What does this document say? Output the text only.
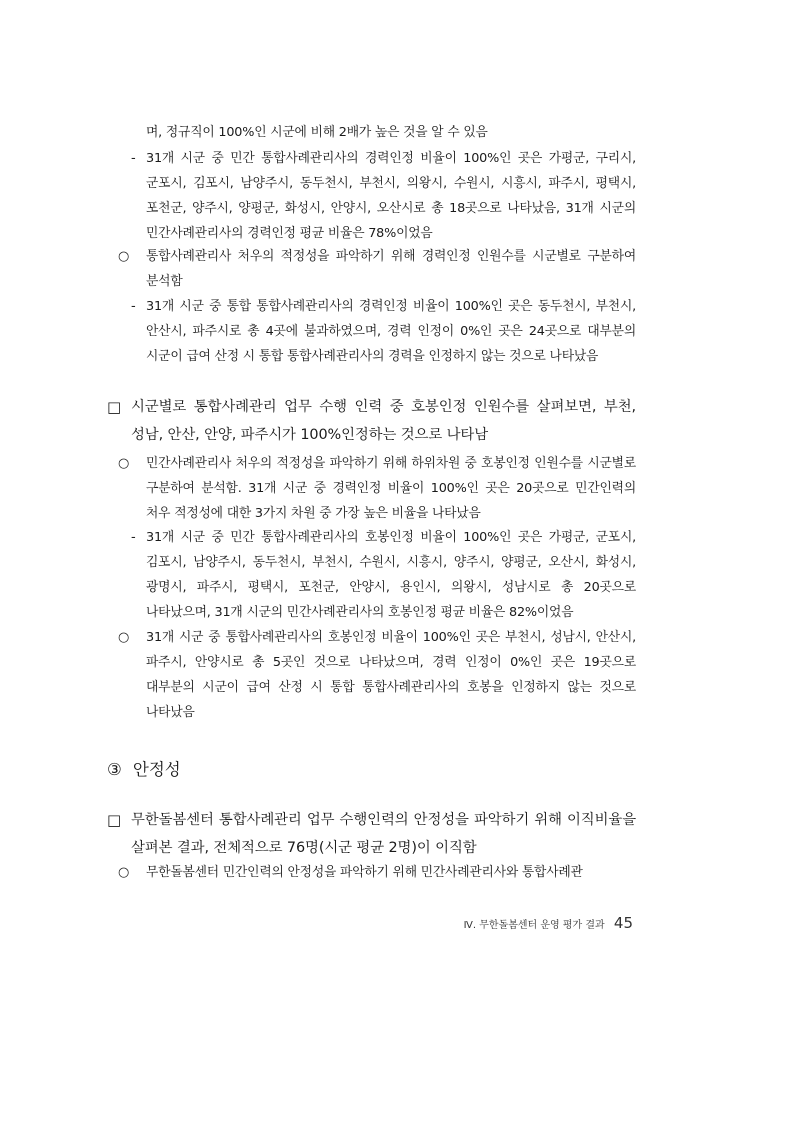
며, 정규직이 100%인 시군에 비해 2배가 높은 것을 알 수 있음
- 31개 시군 중 민간 통합사례관리사의 경력인정 비율이 100%인 곳은 가평군, 구리시, 군포시, 김포시, 남양주시, 동두천시, 부천시, 의왕시, 수원시, 시흥시, 파주시, 평택시, 포천군, 양주시, 양평군, 화성시, 안양시, 오산시로 총 18곳으로 나타났음, 31개 시군의 민간사례관리사의 경력인정 평균 비율은 78%이었음
○ 통합사례관리사 처우의 적정성을 파악하기 위해 경력인정 인원수를 시군별로 구분하여 분석함
- 31개 시군 중 통합 통합사례관리사의 경력인정 비율이 100%인 곳은 동두천시, 부천시, 안산시, 파주시로 총 4곳에 불과하였으며, 경력 인정이 0%인 곳은 24곳으로 대부분의 시군이 급여 산정 시 통합 통합사례관리사의 경력을 인정하지 않는 것으로 나타났음
□ 시군별로 통합사례관리 업무 수행 인력 중 호봉인정 인원수를 살펴보면, 부천, 성남, 안산, 안양, 파주시가 100%인정하는 것으로 나타남
○ 민간사례관리사 처우의 적정성을 파악하기 위해 하위차원 중 호봉인정 인원수를 시군별로 구분하여 분석함. 31개 시군 중 경력인정 비율이 100%인 곳은 20곳으로 민간인력의 처우 적정성에 대한 3가지 차원 중 가장 높은 비율을 나타났음
- 31개 시군 중 민간 통합사례관리사의 호봉인정 비율이 100%인 곳은 가평군, 군포시, 김포시, 남양주시, 동두천시, 부천시, 수원시, 시흥시, 양주시, 양평군, 오산시, 화성시, 광명시, 파주시, 평택시, 포천군, 안양시, 용인시, 의왕시, 성남시로 총 20곳으로 나타났으며, 31개 시군의 민간사례관리사의 호봉인정 평균 비율은 82%이었음
○ 31개 시군 중 통합사례관리사의 호봉인정 비율이 100%인 곳은 부천시, 성남시, 안산시, 파주시, 안양시로 총 5곳인 것으로 나타났으며, 경력 인정이 0%인 곳은 19곳으로 대부분의 시군이 급여 산정 시 통합 통합사례관리사의 호봉을 인정하지 않는 것으로 나타났음
③ 안정성
□ 무한돌봄센터 통합사례관리 업무 수행인력의 안정성을 파악하기 위해 이직비율을 살펴본 결과, 전체적으로 76명(시군 평균 2명)이 이직함
○ 무한돌봄센터 민간인력의 안정성을 파악하기 위해 민간사례관리사와 통합사례관
Ⅳ. 무한돌봄센터 운영 평가 결과 45
